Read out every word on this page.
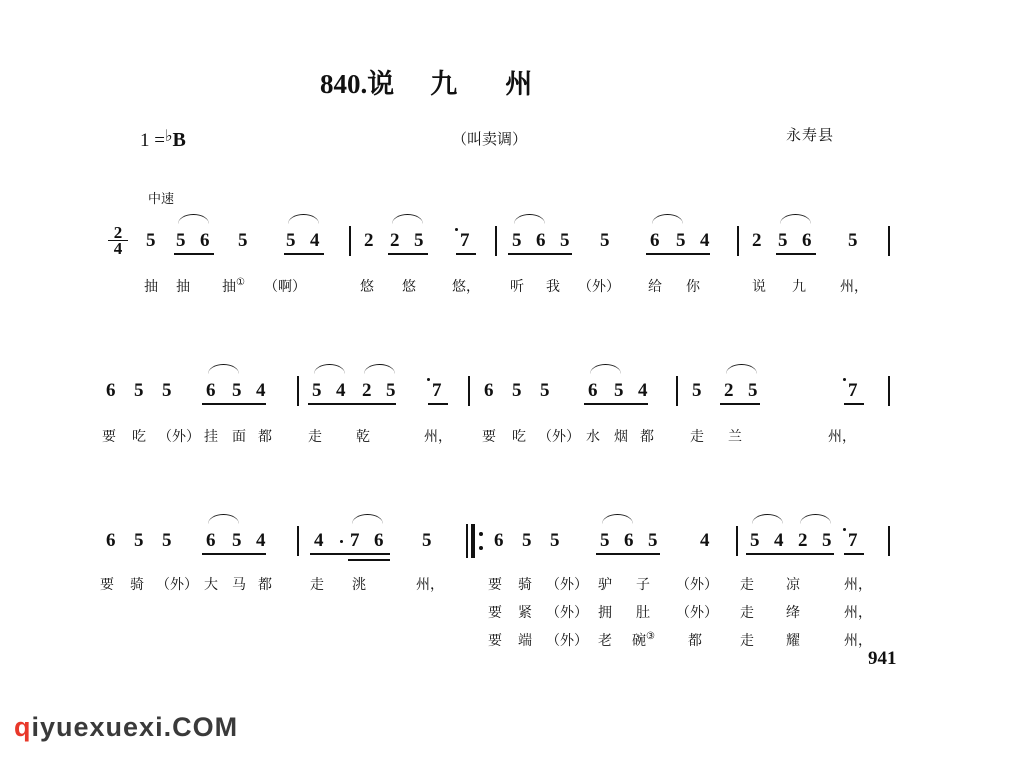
840.说 九 州
1 =♭B	（叫卖调）	永寿县
中速
$\frac{2}{4} 5$ 5 6 5 5 4 2 2 5 7 5 6 5 5 6 5 4 2 5 6 5
抽 抽 抽① （啊）	悠 悠	悠， 听 我 （外） 给 你	说 九 州，
6 5 5 6 5 4 5 4 2 5 7 6 5 5 6 5 4 5 2 5	7
要 吃 （外） 挂 面 都	走 乾	州， 要 吃 （外） 水 烟 都	走 兰	州，
6 5 5 6 5 4	4 7 6 5	6 5 5 5 6 5 4 5 4 2 5 7
要 骑 （外） 大 马 都	走 洮	州，	要 骑 （外） 驴 子 （外） 走 凉	州，
要 紧 （外） 拥 肚 （外） 走 绛	州，
要 端 （外） 老 碗③ 都	走 耀	州，
941
qiyuexuexi.COM
